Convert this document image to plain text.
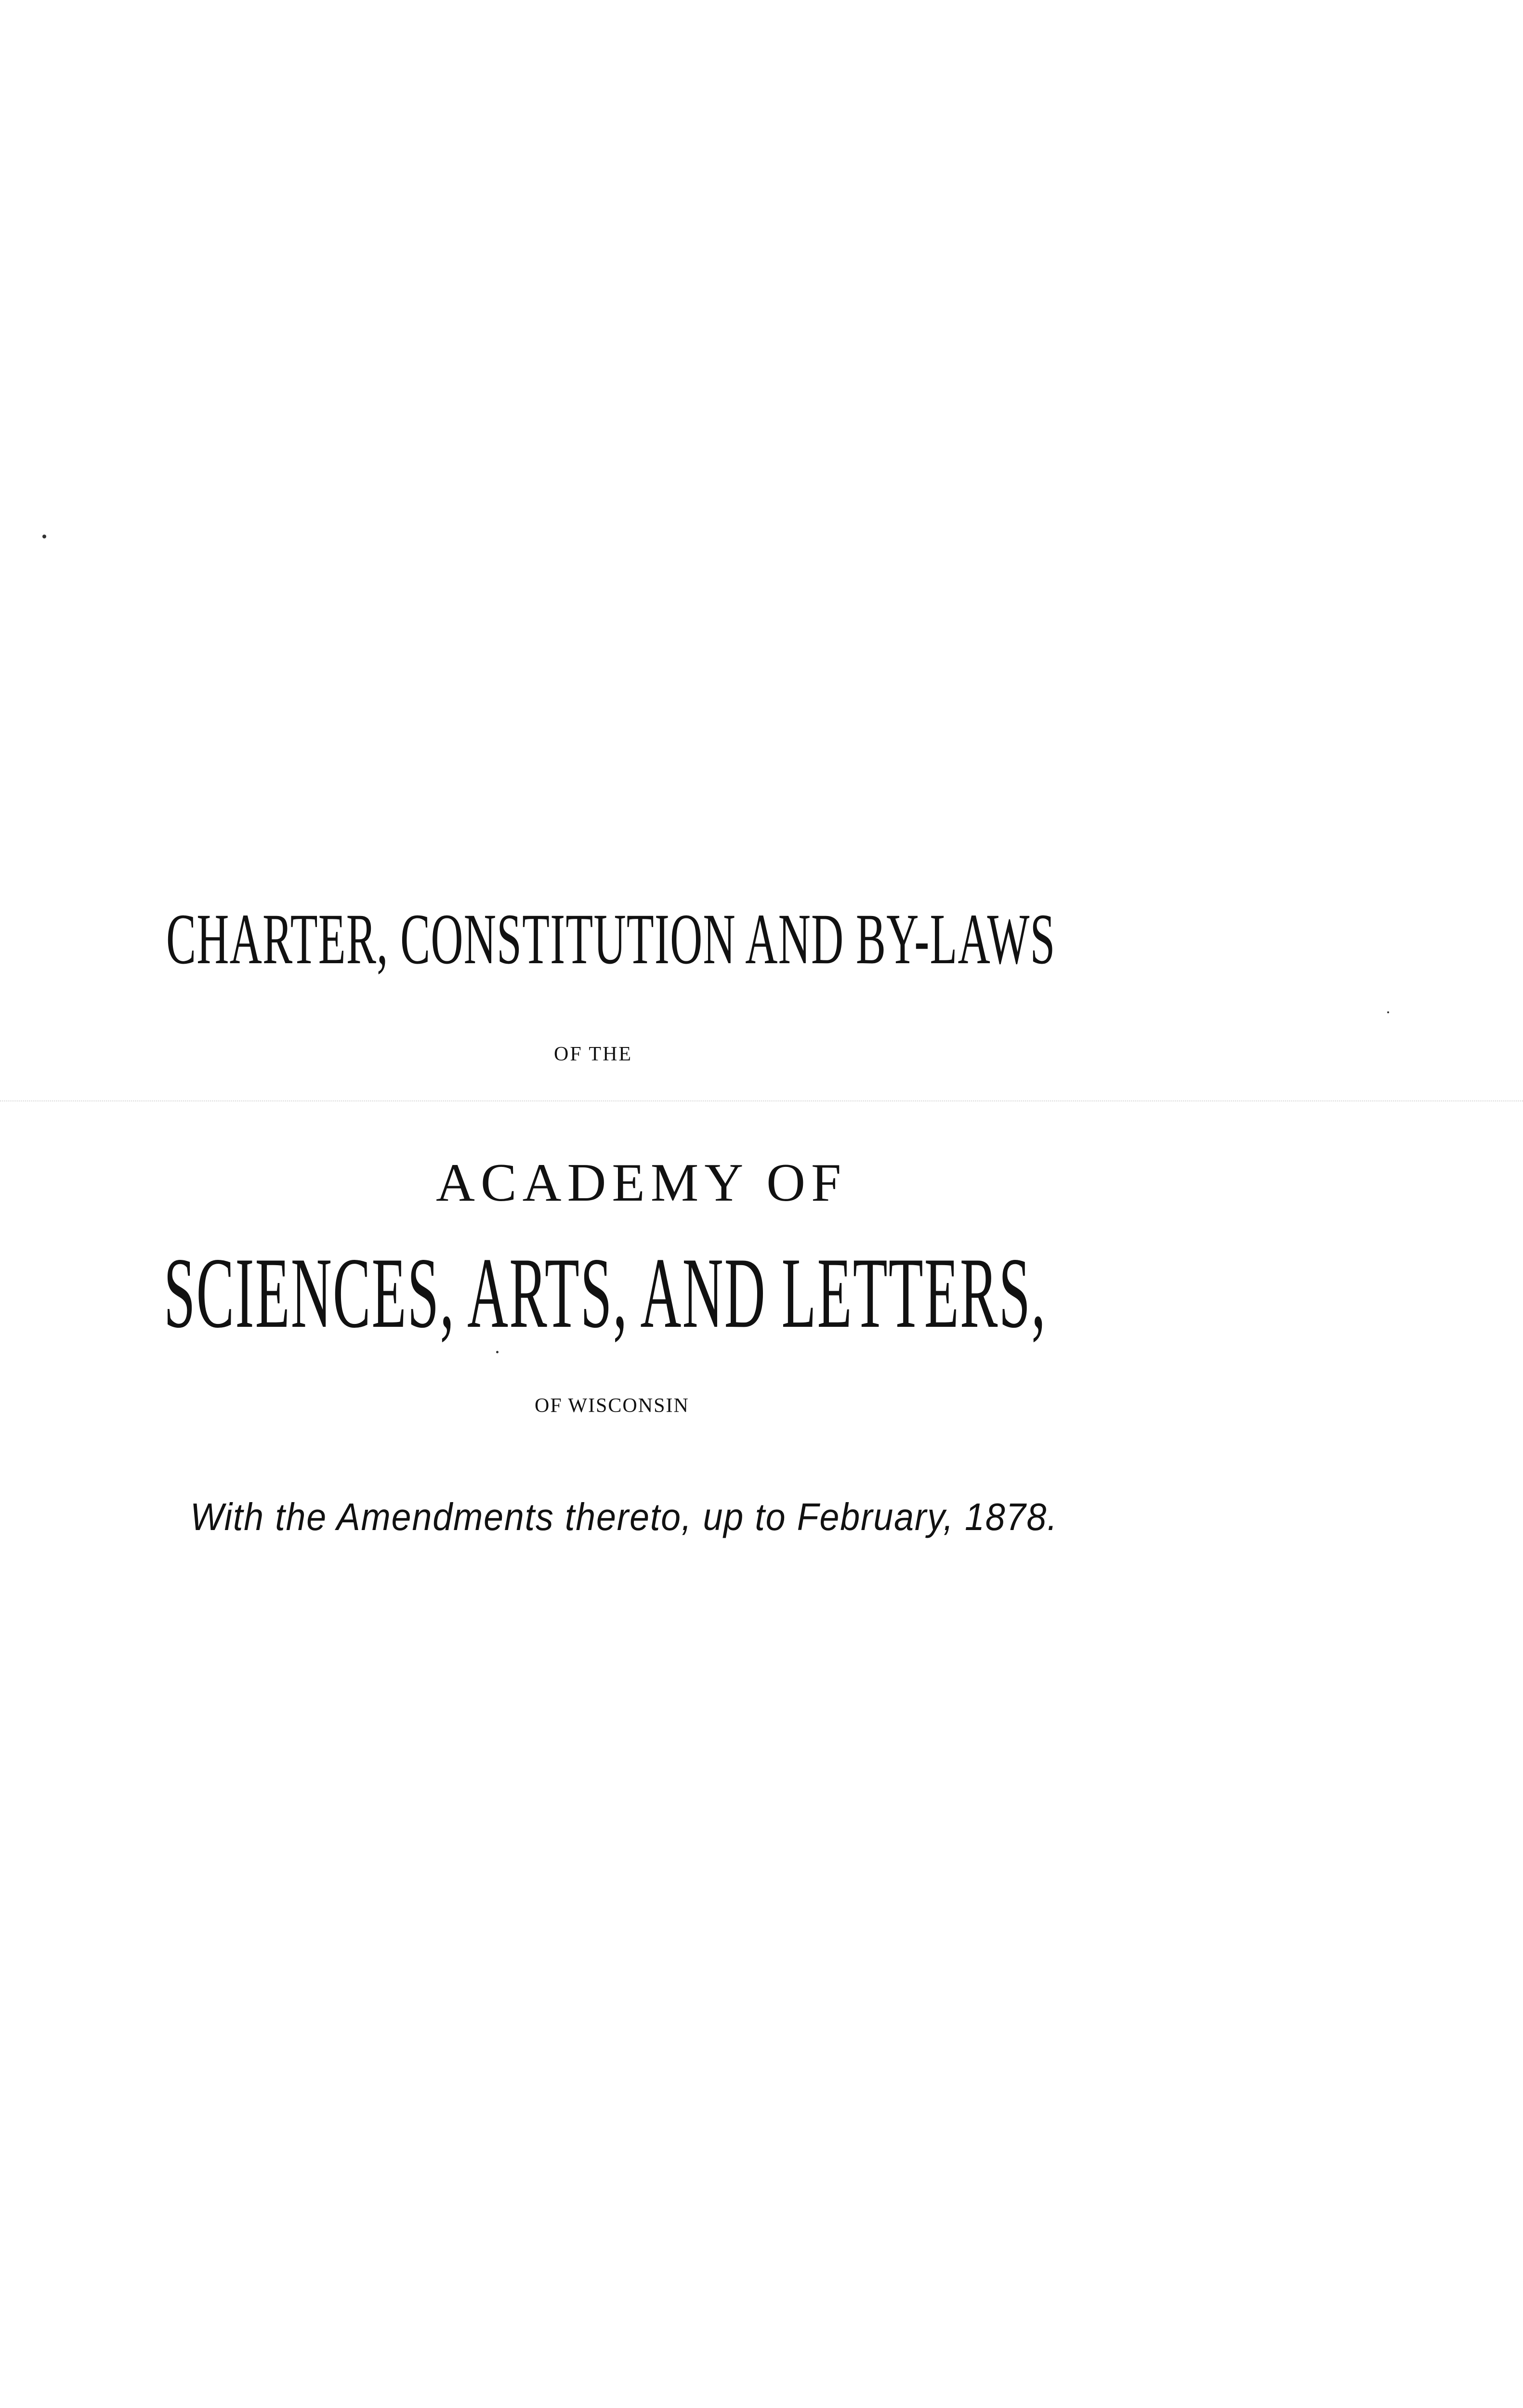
CHARTER, CONSTITUTION AND BY-LAWS

OF THE

ACADEMY OF

SCIENCES, ARTS, AND LETTERS,

OF WISCONSIN

With the Amendments thereto, up to February, 1878.
